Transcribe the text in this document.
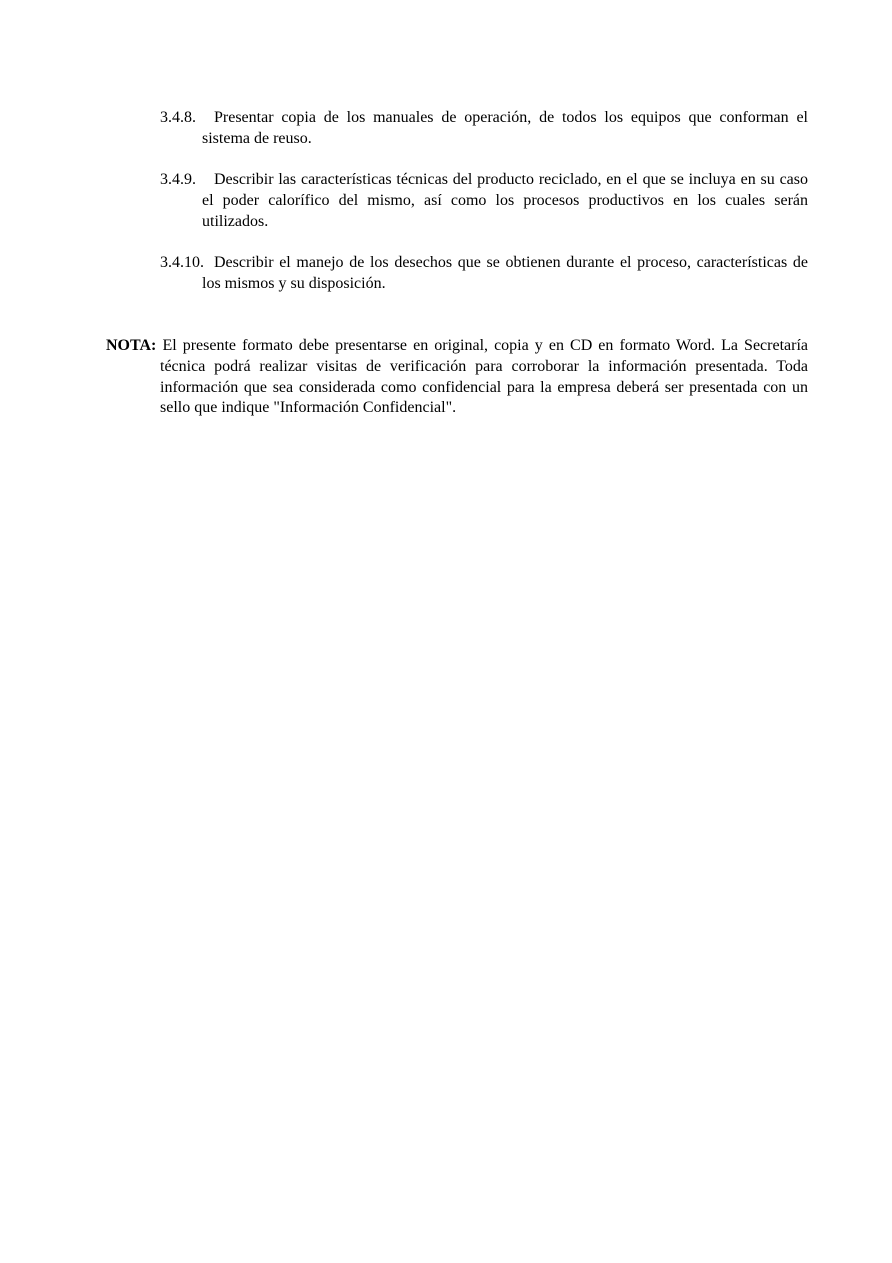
3.4.8. Presentar copia de los manuales de operación, de todos los equipos que conforman el sistema de reuso.

3.4.9. Describir las características técnicas del producto reciclado, en el que se incluya en su caso el poder calorífico del mismo, así como los procesos productivos en los cuales serán utilizados.

3.4.10. Describir el manejo de los desechos que se obtienen durante el proceso, características de los mismos y su disposición.

NOTA: El presente formato debe presentarse en original, copia y en CD en formato Word. La Secretaría técnica podrá realizar visitas de verificación para corroborar la información presentada. Toda información que sea considerada como confidencial para la empresa deberá ser presentada con un sello que indique "Información Confidencial".
